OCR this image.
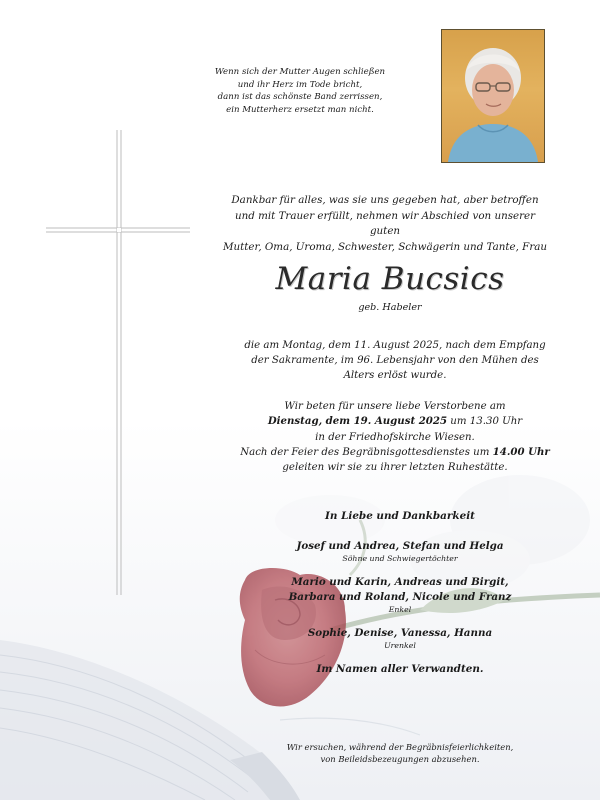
Wenn sich der Mutter Augen schließen
und ihr Herz im Tode bricht,
dann ist das schönste Band zerrissen,
ein Mutterherz ersetzt man nicht.
Dankbar für alles, was sie uns gegeben hat, aber betroffen
und mit Trauer erfüllt, nehmen wir Abschied von unserer guten
Mutter, Oma, Uroma, Schwester, Schwägerin und Tante, Frau
Maria Bucsics
geb. Habeler
die am Montag, dem 11. August 2025, nach dem Empfang
der Sakramente, im 96. Lebensjahr von den Mühen des
Alters erlöst wurde.
Wir beten für unsere liebe Verstorbene am
Dienstag, dem 19. August 2025 um 13.30 Uhr
in der Friedhofskirche Wiesen.
Nach der Feier des Begräbnisgottesdienstes um 14.00 Uhr
geleiten wir sie zu ihrer letzten Ruhestätte.
In Liebe und Dankbarkeit
Josef und Andrea, Stefan und Helga
Söhne und Schwiegertöchter
Mario und Karin, Andreas und Birgit,
Barbara und Roland, Nicole und Franz
Enkel
Sophie, Denise, Vanessa, Hanna
Urenkel
Im Namen aller Verwandten.
Wir ersuchen, während der Begräbnisfeierlichkeiten,
von Beileidsbezeugungen abzusehen.
